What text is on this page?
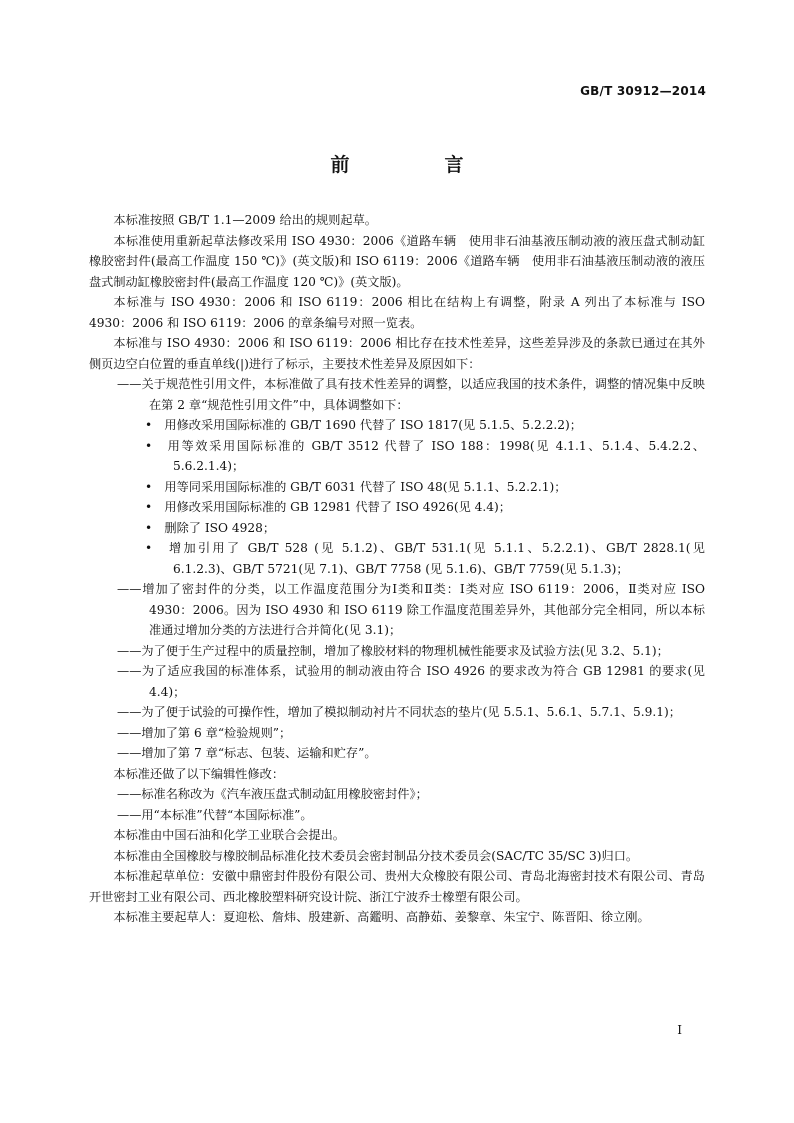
GB/T 30912—2014
前　言

本标准按照 GB/T 1.1—2009 给出的规则起草。

本标准使用重新起草法修改采用 ISO 4930：2006《道路车辆　使用非石油基液压制动液的液压盘式制动缸橡胶密封件(最高工作温度 150 ℃)》(英文版)和 ISO 6119：2006《道路车辆　使用非石油基液压制动液的液压盘式制动缸橡胶密封件(最高工作温度 120 ℃)》(英文版)。

本标准与 ISO 4930：2006 和 ISO 6119：2006 相比在结构上有调整，附录 A 列出了本标准与 ISO 4930：2006 和 ISO 6119：2006 的章条编号对照一览表。

本标准与 ISO 4930：2006 和 ISO 6119：2006 相比存在技术性差异，这些差异涉及的条款已通过在其外侧页边空白位置的垂直单线(|)进行了标示，主要技术性差异及原因如下：

——关于规范性引用文件，本标准做了具有技术性差异的调整，以适应我国的技术条件，调整的情况集中反映在第 2 章“规范性引用文件”中，具体调整如下：

•　用修改采用国际标准的 GB/T 1690 代替了 ISO 1817(见 5.1.5、5.2.2.2)；

•　用等效采用国际标准的 GB/T 3512 代替了 ISO 188：1998(见 4.1.1、5.1.4、5.4.2.2、5.6.2.1.4)；

•　用等同采用国际标准的 GB/T 6031 代替了 ISO 48(见 5.1.1、5.2.2.1)；

•　用修改采用国际标准的 GB 12981 代替了 ISO 4926(见 4.4)；

•　删除了 ISO 4928；

•　增加引用了 GB/T 528 (见 5.1.2)、GB/T 531.1(见 5.1.1、5.2.2.1)、GB/T 2828.1(见 6.1.2.3)、GB/T 5721(见 7.1)、GB/T 7758 (见 5.1.6)、GB/T 7759(见 5.1.3)；

——增加了密封件的分类，以工作温度范围分为Ⅰ类和Ⅱ类：Ⅰ类对应 ISO 6119：2006，Ⅱ类对应 ISO 4930：2006。因为 ISO 4930 和 ISO 6119 除工作温度范围差异外，其他部分完全相同，所以本标准通过增加分类的方法进行合并简化(见 3.1)；

——为了便于生产过程中的质量控制，增加了橡胶材料的物理机械性能要求及试验方法(见 3.2、5.1)；

——为了适应我国的标准体系，试验用的制动液由符合 ISO 4926 的要求改为符合 GB 12981 的要求(见 4.4)；

——为了便于试验的可操作性，增加了模拟制动衬片不同状态的垫片(见 5.5.1、5.6.1、5.7.1、5.9.1)；

——增加了第 6 章“检验规则”；

——增加了第 7 章“标志、包装、运输和贮存”。

本标准还做了以下编辑性修改：

——标准名称改为《汽车液压盘式制动缸用橡胶密封件》；

——用“本标准”代替“本国际标准”。

本标准由中国石油和化学工业联合会提出。

本标准由全国橡胶与橡胶制品标准化技术委员会密封制品分技术委员会(SAC/TC 35/SC 3)归口。

本标准起草单位：安徽中鼎密封件股份有限公司、贵州大众橡胶有限公司、青岛北海密封技术有限公司、青岛开世密封工业有限公司、西北橡胶塑料研究设计院、浙江宁波乔士橡塑有限公司。

本标准主要起草人：夏迎松、詹炜、殷建新、高鑑明、高静茹、姜黎章、朱宝宁、陈晋阳、徐立刚。

Ⅰ
